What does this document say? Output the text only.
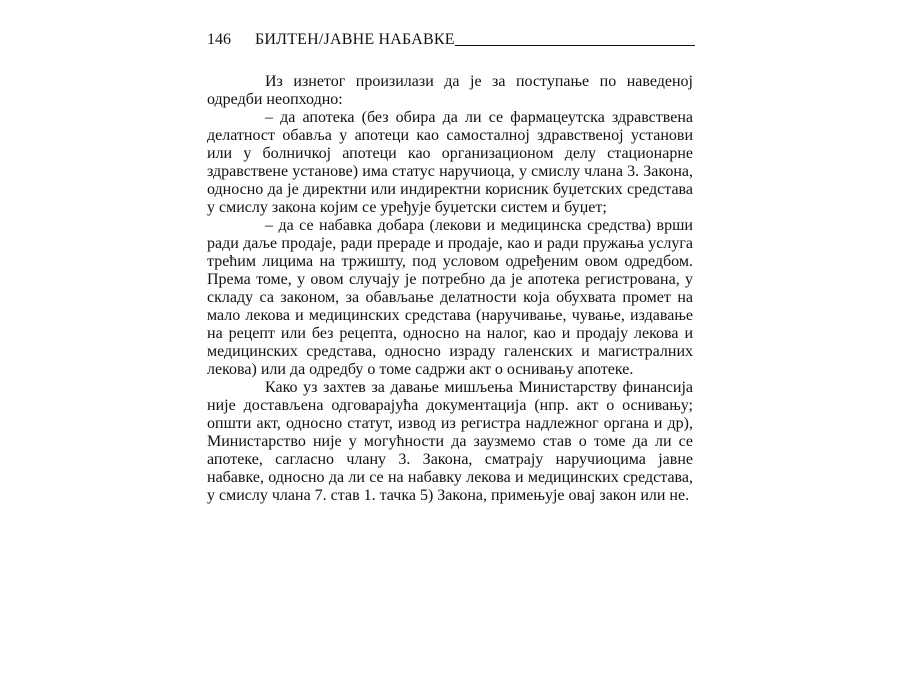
146 БИЛТЕН/ЈАВНЕ НАБАВКЕ

Из изнетог произилази да је за поступање по наведеној одредби неопходно:

– да апотека (без обира да ли се фармацеутска здравствена делатност обавља у апотеци као самосталној здравственој установи или у болничкој апотеци као организационом делу стационарне здравствене установе) има статус наручиоца, у смислу члана 3. Закона, односно да је директни или индиректни корисник буџетских средстава у смислу закона којим се уређује буџетски систем и буџет;

– да се набавка добара (лекови и медицинска средства) врши ради даље продаје, ради прераде и продаје, као и ради пружања услуга трећим лицима на тржишту, под условом одређеним овом одредбом. Према томе, у овом случају је потребно да је апотека регистрована, у складу са законом, за обављање делатности која обухвата промет на мало лекова и медицинских средстава (наручивање, чување, издавање на рецепт или без рецепта, односно на налог, као и продају лекова и медицинских средстава, односно израду галенских и магистралних лекова) или да одредбу о томе садржи акт о оснивању апотеке.

Како уз захтев за давање мишљења Министарству финансија није достављена одговарајућа документација (нпр. акт о оснивању; општи акт, односно статут, извод из регистра надлежног органа и др), Министарство није у могућности да заузмемо став о томе да ли се апотеке, сагласно члану 3. Закона, сматрају наручиоцима јавне набавке, односно да ли се на набавку лекова и медицинских средстава, у смислу члана 7. став 1. тачка 5) Закона, примењује овај закон или не.
